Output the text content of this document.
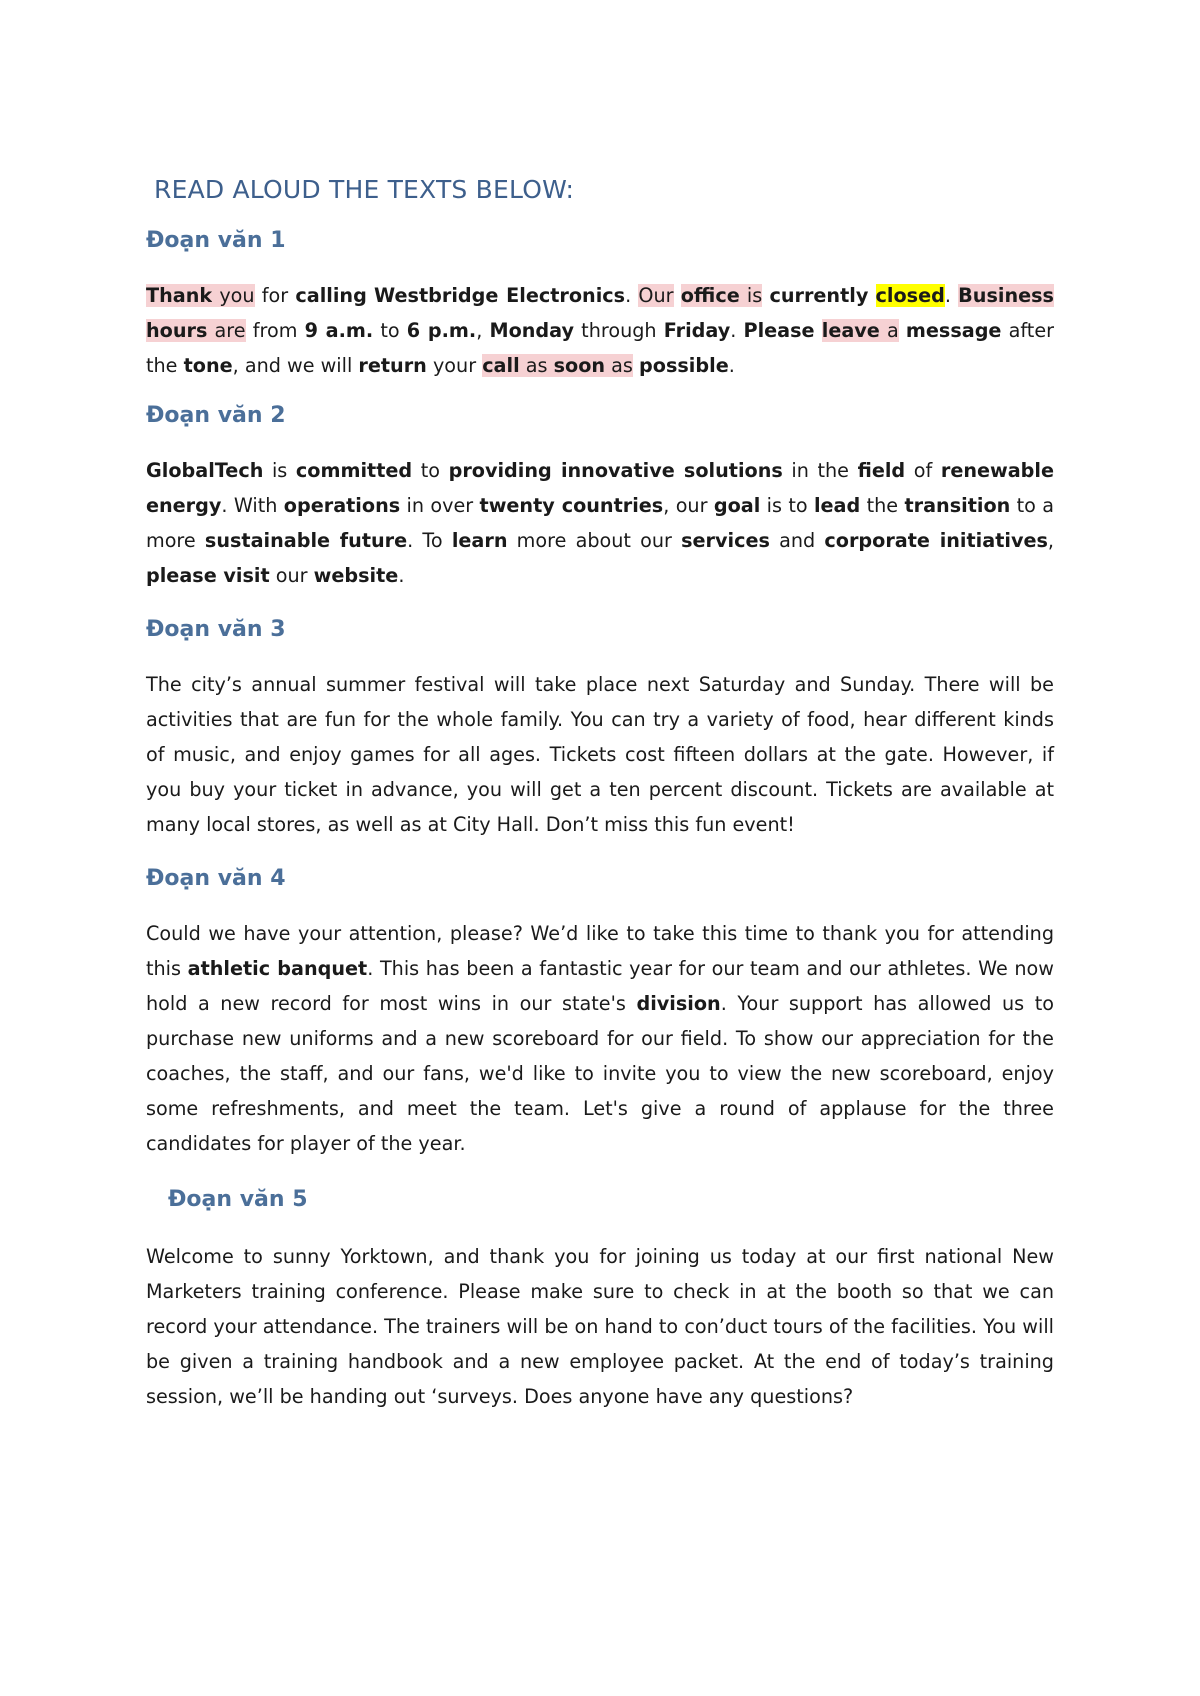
READ ALOUD THE TEXTS BELOW:
Đoạn văn 1

Thank you for calling Westbridge Electronics. Our office is currently closed. Business hours are from 9 a.m. to 6 p.m., Monday through Friday. Please leave a message after the tone, and we will return your call as soon as possible.

Đoạn văn 2

GlobalTech is committed to providing innovative solutions in the field of renewable energy. With operations in over twenty countries, our goal is to lead the transition to a more sustainable future. To learn more about our services and corporate initiatives, please visit our website.

Đoạn văn 3

The city’s annual summer festival will take place next Saturday and Sunday. There will be activities that are fun for the whole family. You can try a variety of food, hear different kinds of music, and enjoy games for all ages. Tickets cost fifteen dollars at the gate. However, if you buy your ticket in advance, you will get a ten percent discount. Tickets are available at many local stores, as well as at City Hall. Don’t miss this fun event!

Đoạn văn 4

Could we have your attention, please? We’d like to take this time to thank you for attending this athletic banquet. This has been a fantastic year for our team and our athletes. We now hold a new record for most wins in our state's division. Your support has allowed us to purchase new uniforms and a new scoreboard for our field. To show our appreciation for the coaches, the staff, and our fans, we'd like to invite you to view the new scoreboard, enjoy some refreshments, and meet the team. Let's give a round of applause for the three candidates for player of the year.

Đoạn văn 5

Welcome to sunny Yorktown, and thank you for joining us today at our first national New Marketers training conference. Please make sure to check in at the booth so that we can record your attendance. The trainers will be on hand to con’duct tours of the facilities. You will be given a training handbook and a new employee packet. At the end of today’s training session, we’ll be handing out ‘surveys. Does anyone have any questions?
